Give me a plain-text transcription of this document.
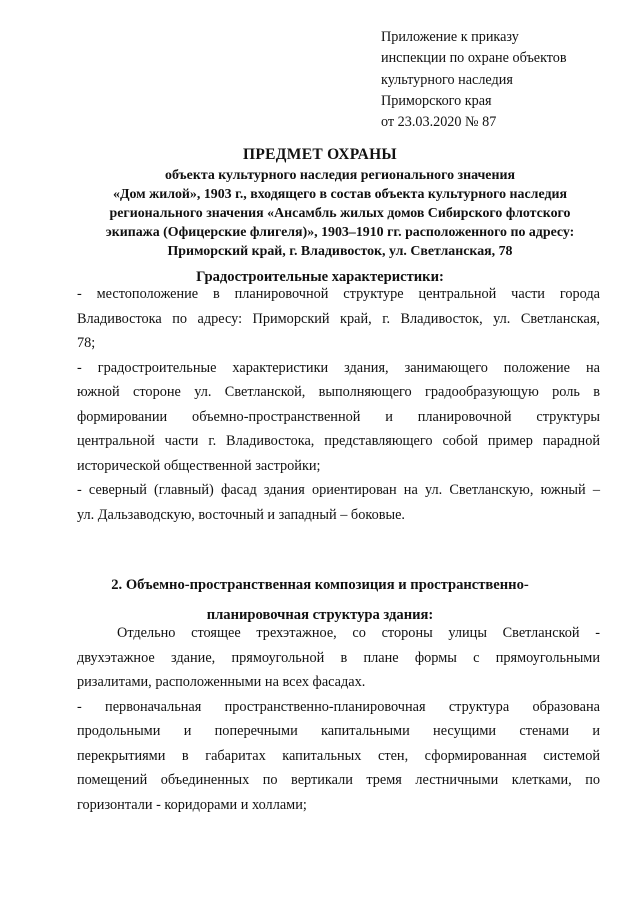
Приложение к приказу
инспекции по охране объектов
культурного наследия
Приморского края
от 23.03.2020 № 87
ПРЕДМЕТ ОХРАНЫ
объекта культурного наследия регионального значения
«Дом жилой», 1903 г., входящего в состав объекта культурного наследия
регионального значения «Ансамбль жилых домов Сибирского флотского
экипажа (Офицерские флигеля)», 1903–1910 гг. расположенного по адресу:
Приморский край, г. Владивосток, ул. Светланская, 78
Градостроительные характеристики:
- местоположение в планировочной структуре центральной части города
Владивостока по адресу: Приморский край, г. Владивосток, ул. Светланская,
78;
- градостроительные характеристики здания, занимающего положение на
южной стороне ул. Светланской, выполняющего градообразующую роль в
формировании объемно-пространственной и планировочной структуры
центральной части г. Владивостока, представляющего собой пример парадной
исторической общественной застройки;
- северный (главный) фасад здания ориентирован на ул. Светланскую, южный –
ул. Дальзаводскую, восточный и западный – боковые.
2. Объемно-пространственная композиция и пространственно-
планировочная структура здания:
Отдельно стоящее трехэтажное, со стороны улицы Светланской -
двухэтажное здание, прямоугольной в плане формы с прямоугольными
ризалитами, расположенными на всех фасадах.
- первоначальная пространственно-планировочная структура образована
продольными и поперечными капитальными несущими стенами и
перекрытиями в габаритах капитальных стен, сформированная системой
помещений объединенных по вертикали тремя лестничными клетками, по
горизонтали - коридорами и холлами;
